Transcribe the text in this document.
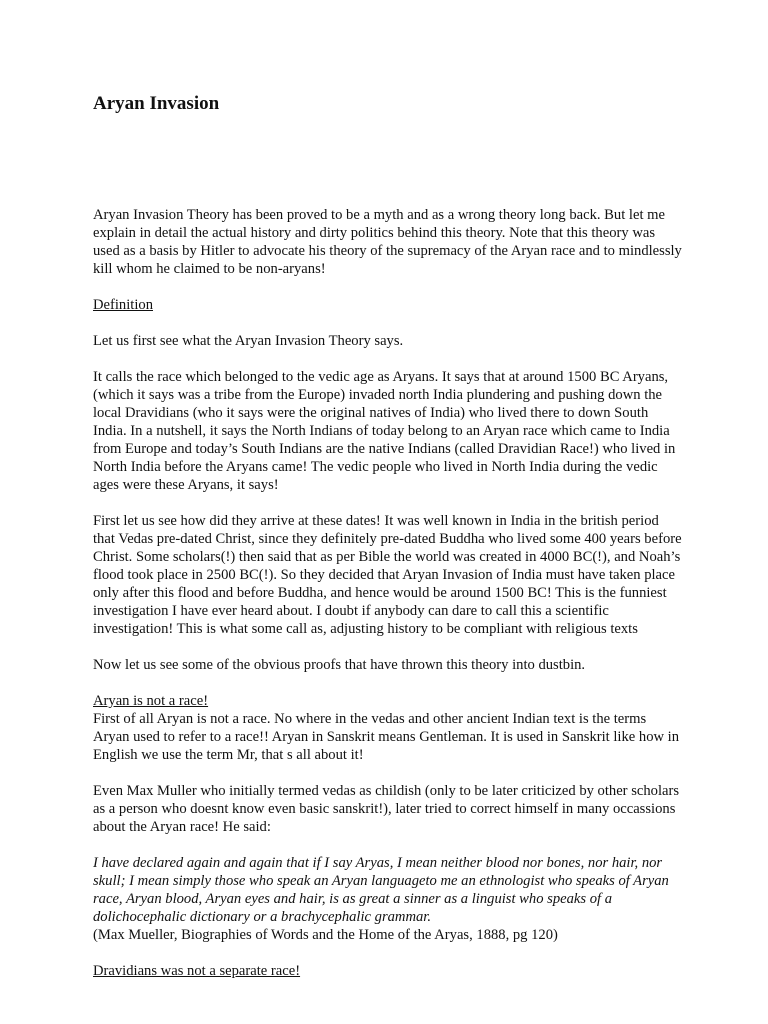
Aryan Invasion

Aryan Invasion Theory has been proved to be a myth and as a wrong theory long back. But let me explain in detail the actual history and dirty politics behind this theory. Note that this theory was used as a basis by Hitler to advocate his theory of the supremacy of the Aryan race and to mindlessly kill whom he claimed to be non-aryans!

Definition

Let us first see what the Aryan Invasion Theory says.

It calls the race which belonged to the vedic age as Aryans. It says that at around 1500 BC Aryans, (which it says was a tribe from the Europe) invaded north India plundering and pushing down the local Dravidians (who it says were the original natives of India) who lived there to down South India. In a nutshell, it says the North Indians of today belong to an Aryan race which came to India from Europe and today’s South Indians are the native Indians (called Dravidian Race!) who lived in North India before the Aryans came! The vedic people who lived in North India during the vedic ages were these Aryans, it says!

First let us see how did they arrive at these dates! It was well known in India in the british period that Vedas pre-dated Christ, since they definitely pre-dated Buddha who lived some 400 years before Christ. Some scholars(!) then said that as per Bible the world was created in 4000 BC(!), and Noah’s flood took place in 2500 BC(!). So they decided that Aryan Invasion of India must have taken place only after this flood and before Buddha, and hence would be around 1500 BC! This is the funniest investigation I have ever heard about. I doubt if anybody can dare to call this a scientific investigation! This is what some call as, adjusting history to be compliant with religious texts

Now let us see some of the obvious proofs that have thrown this theory into dustbin.

Aryan is not a race!

First of all Aryan is not a race. No where in the vedas and other ancient Indian text is the terms Aryan used to refer to a race!! Aryan in Sanskrit means Gentleman. It is used in Sanskrit like how in English we use the term Mr, that s all about it!

Even Max Muller who initially termed vedas as childish (only to be later criticized by other scholars as a person who doesnt know even basic sanskrit!), later tried to correct himself in many occassions about the Aryan race! He said:

I have declared again and again that if I say Aryas, I mean neither blood nor bones, nor hair, nor skull; I mean simply those who speak an Aryan languageto me an ethnologist who speaks of Aryan race, Aryan blood, Aryan eyes and hair, is as great a sinner as a linguist who speaks of a dolichocephalic dictionary or a brachycephalic grammar.
(Max Mueller, Biographies of Words and the Home of the Aryas, 1888, pg 120)

Dravidians was not a separate race!
